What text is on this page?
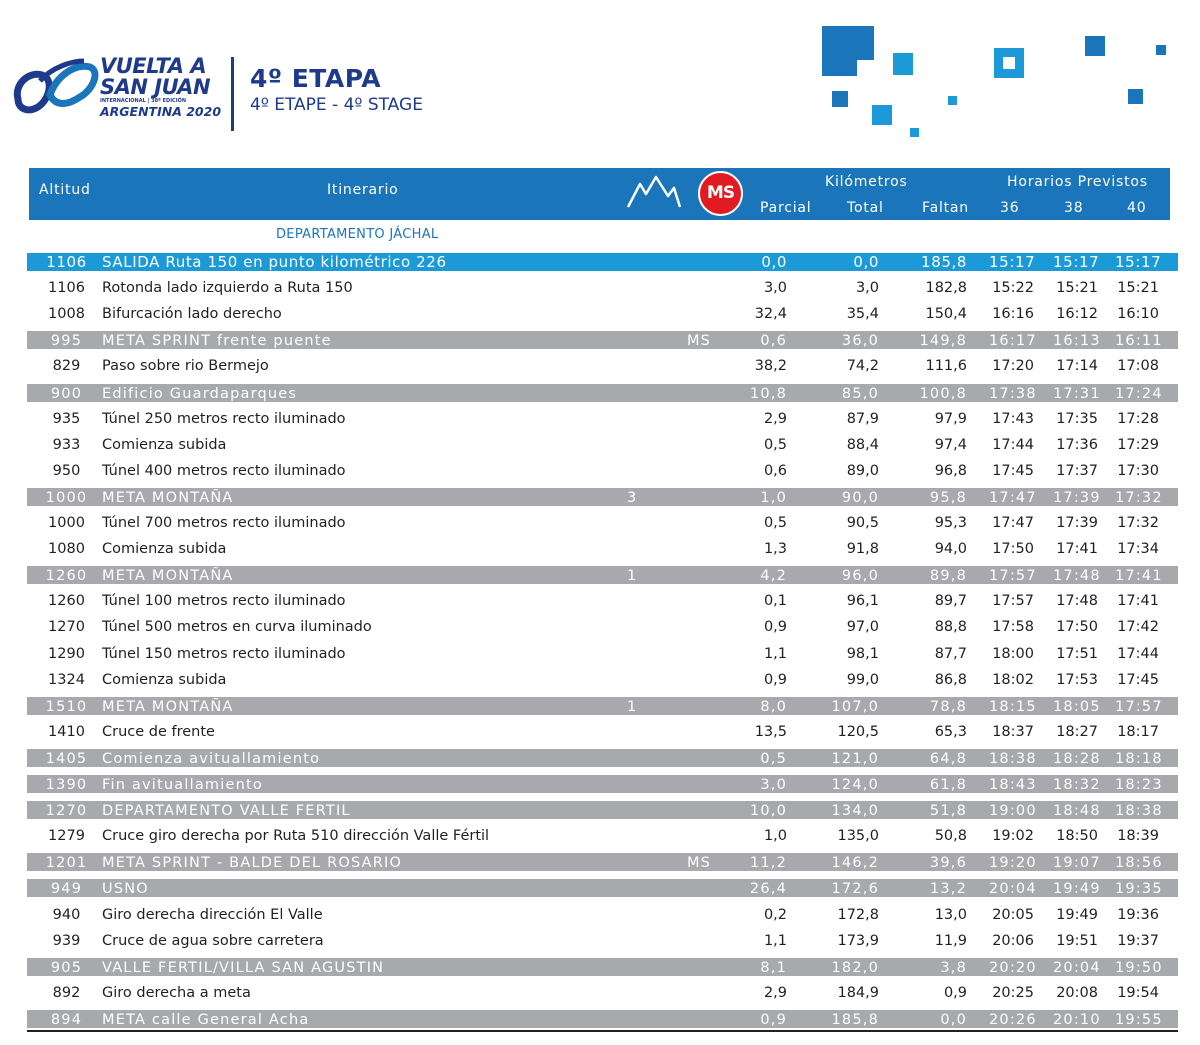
VUELTA A
SAN JUAN
INTERNACIONAL | 38ª EDICIÓN
ARGENTINA 2020
4º ETAPA
4º ETAPE - 4º STAGE
Altitud	Itinerario	Kilómetros
Parcial	Total	Faltan
Horarios Previstos
36	38	40
MS
DEPARTAMENTO JÁCHAL
1106 SALIDA Ruta 150 en punto kilométrico 226	0,0	0,0	185,8 15:17 15:17 15:17
1106 Rotonda lado izquierdo a Ruta 150	3,0	3,0	182,8 15:22 15:21 15:21
1008 Bifurcación lado derecho	32,4	35,4	150,4 16:16 16:12 16:10
995	META SPRINT frente puente	MS	0,6	36,0	149,8 16:17 16:13 16:11
829	Paso sobre rio Bermejo	38,2	74,2	111,6 17:20 17:14 17:08
900	Edificio Guardaparques	10,8	85,0	100,8 17:38 17:31 17:24
935	Túnel 250 metros recto iluminado	2,9	87,9	97,9 17:43 17:35 17:28
933	Comienza subida	0,5	88,4	97,4 17:44 17:36 17:29
950	Túnel 400 metros recto iluminado	0,6	89,0	96,8 17:45 17:37 17:30
1000 META MONTAÑA	3	1,0	90,0	95,8 17:47 17:39 17:32
1000 Túnel 700 metros recto iluminado	0,5	90,5	95,3 17:47 17:39 17:32
1080 Comienza subida	1,3	91,8	94,0 17:50 17:41 17:34
1260 META MONTAÑA	1	4,2	96,0	89,8 17:57 17:48 17:41
1260 Túnel 100 metros recto iluminado	0,1	96,1	89,7 17:57 17:48 17:41
1270 Túnel 500 metros en curva iluminado	0,9	97,0	88,8 17:58 17:50 17:42
1290 Túnel 150 metros recto iluminado	1,1	98,1	87,7 18:00 17:51 17:44
1324 Comienza subida	0,9	99,0	86,8 18:02 17:53 17:45
1510 META MONTAÑA	1	8,0	107,0	78,8 18:15 18:05 17:57
1410 Cruce de frente	13,5	120,5	65,3 18:37 18:27 18:17
1405 Comienza avituallamiento	0,5	121,0	64,8 18:38 18:28 18:18
1390 Fin avituallamiento	3,0	124,0	61,8 18:43 18:32 18:23
1270 DEPARTAMENTO VALLE FERTIL	10,0	134,0	51,8 19:00 18:48 18:38
1279 Cruce giro derecha por Ruta 510 dirección Valle Fértil	1,0	135,0	50,8 19:02 18:50 18:39
1201 META SPRINT - BALDE DEL ROSARIO	MS	11,2	146,2	39,6 19:20 19:07 18:56
949	USNO	26,4	172,6	13,2 20:04 19:49 19:35
940	Giro derecha dirección El Valle	0,2	172,8	13,0 20:05 19:49 19:36
939	Cruce de agua sobre carretera	1,1	173,9	11,9 20:06 19:51 19:37
905	VALLE FERTIL/VILLA SAN AGUSTIN	8,1	182,0	3,8 20:20 20:04 19:50
892	Giro derecha a meta	2,9	184,9	0,9 20:25 20:08 19:54
894	META calle General Acha	0,9	185,8	0,0 20:26 20:10 19:55
